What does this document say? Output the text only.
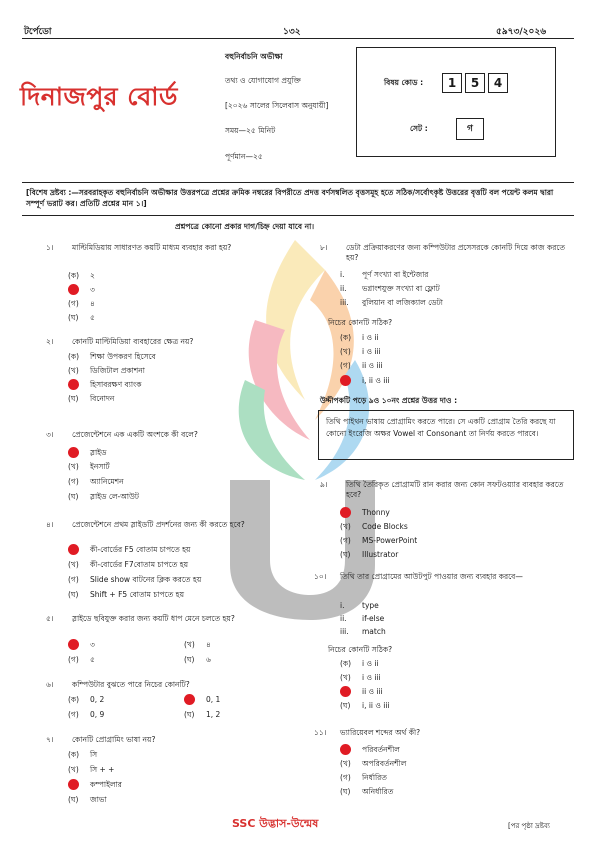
টর্পেডো	১৩২	৫৯৭৩/২০২৬
দিনাজপুর বোর্ড
বহুনির্বাচনি অভীক্ষা
তথ্য ও যোগাযোগ প্রযুক্তি
[২০২৬ সালের সিলেবাস অনুযায়ী]
সময়—২৫ মিনিট
পূর্ণমান—২৫
বিষয় কোড :	1	5	4
সেট :	গ
[বিশেষ দ্রষ্টব্য :—সরবরাহকৃত বহুনির্বাচনি অভীক্ষার উত্তরপত্রে প্রশ্নের ক্রমিক নম্বরের বিপরীতে প্রদত্ত বর্ণসম্বলিত বৃত্তসমূহ হতে সঠিক/সর্বোৎকৃষ্ট উত্তরের বৃত্তটি বল পয়েন্ট কলম দ্বারা সম্পূর্ণ ভরাট কর। প্রতিটি প্রশ্নের মান ১।]
প্রশ্নপত্রে কোনো প্রকার দাগ/চিহ্ন দেয়া যাবে না।
১।	মাল্টিমিডিয়ায় সাধারণত কয়টি মাধ্যম ব্যবহার করা হয়?
(ক) ২
৩
(গ) ৪
(ঘ) ৫
২।	কোনটি মাল্টিমিডিয়া ব্যবহারের ক্ষেত্র নয়?
(ক) শিক্ষা উপকরণ হিসেবে
(খ) ডিজিটাল প্রকাশনা
হিসাবরক্ষণ ব্যাংক
(ঘ) বিনোদন
৩।	প্রেজেন্টেশনে এক একটি অংশকে কী বলে?
স্লাইড
(খ) ইনসার্ট
(গ) অ্যানিমেশন
(ঘ) স্লাইড লে-আউট
৪।	প্রেজেন্টেশনে প্রথম স্লাইডটি প্রদর্শনের জন্য কী করতে হবে?
কী-বোর্ডের F5 বোতাম চাপতে হয়
(খ) কী-বোর্ডের F7বোতাম চাপতে হয়
(গ) Slide show বাটনের ক্লিক করতে হয়
(ঘ) Shift + F5 বোতাম চাপতে হয়
৫।	স্লাইডে ছবিযুক্ত করার জন্য কয়টি ধাপ মেনে চলতে হয়?
৩	(খ) ৪
(গ) ৫	(ঘ) ৬
৬।	কম্পিউটার বুঝতে পারে নিচের কোনটি?
(ক) 0, 2	0, 1
(গ) 0, 9	(ঘ) 1, 2
৭।	কোনটি প্রোগ্রামিং ভাষা নয়?
(ক) সি
(খ) সি + +
কম্পাইলার
(ঘ) জাভা
৮।	ডেটা প্রক্রিয়াকরণের জন্য কম্পিউটার প্রসেসরকে কোনটি দিয়ে কাজ করতে হয়?
i. পূর্ণ সংখ্যা বা ইন্টেজার
ii. ভগ্নাংশযুক্ত সংখ্যা বা ফ্লোট
iii. বুলিয়ান বা লজিক্যাল ডেটা
নিচের কোনটি সঠিক?
(ক) i ও ii
(খ) i ও iii
(গ) ii ও iii
i, ii ও iii
উদ্দীপকটি পড়ে ৯ও ১০নং প্রশ্নের উত্তর দাও :
তিথি পাইথন ভাষায় প্রোগ্রামিং করতে পারে। সে একটি প্রোগ্রাম তৈরি করছে যা কোনো ইংরেজি অক্ষর Vowel বা Consonant তা নির্ণয় করতে পারবে।
৯।	তিথি তৈরিকৃত প্রোগ্রামটি রান করার জন্য কোন সফটওয়্যার ব্যবহার করতে হবে?
Thonny
(খ) Code Blocks
(গ) MS-PowerPoint
(ঘ) Illustrator
১০।	তিথি তার প্রোগ্রামের আউটপুট পাওয়ার জন্য ব্যবহার করবে—
i. type
ii. if-else
iii. match
নিচের কোনটি সঠিক?
(ক) i ও ii
(খ) i ও iii
ii ও iii
(ঘ) i, ii ও iii
১১।	ভ্যারিয়েবল শব্দের অর্থ কী?
পরিবর্তনশীল
(খ) অপরিবর্তনশীল
(গ) নির্ধারিত
(ঘ) অনির্ধারিত
SSC উদ্ভাস-উন্মেষ	[পর পৃষ্ঠা দ্রষ্টব্য
